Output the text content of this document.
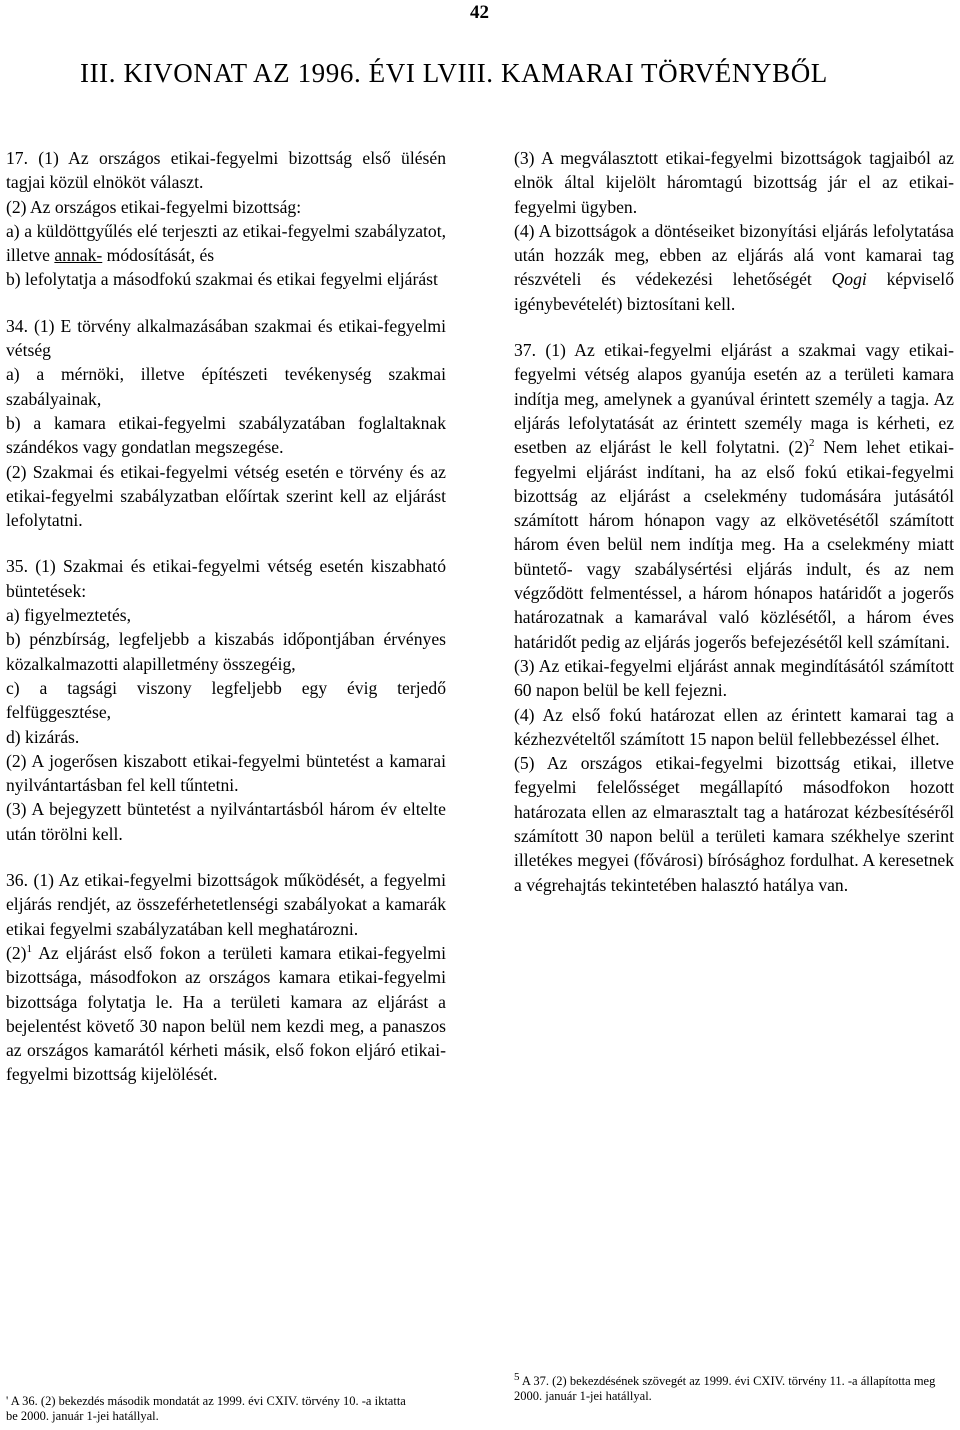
42
III. KIVONAT AZ 1996. ÉVI LVIII. KAMARAI TÖRVÉNYBŐL

17. (1) Az országos etikai-fegyelmi bizottság első ülésén tagjai közül elnököt választ.

(2) Az országos etikai-fegyelmi bizottság:

a) a küldöttgyűlés elé terjeszti az etikai-fegyelmi szabályzatot, illetve annak- módosítását, és

b) lefolytatja a másodfokú szakmai és etikai fegyelmi eljárást

34. (1) E törvény alkalmazásában szakmai és etikai-fegyelmi vétség

a) a mérnöki, illetve építészeti tevékenység szakmai szabályainak,

b) a kamara etikai-fegyelmi szabályzatában foglaltaknak szándékos vagy gondatlan megszegése.

(2) Szakmai és etikai-fegyelmi vétség esetén e törvény és az etikai-fegyelmi szabályzatban előírtak szerint kell az eljárást lefolytatni.

35. (1) Szakmai és etikai-fegyelmi vétség esetén kiszabható büntetések:

a) figyelmeztetés,

b) pénzbírság, legfeljebb a kiszabás időpontjában érvényes közalkalmazotti alapilletmény összegéig,

c) a tagsági viszony legfeljebb egy évig terjedő felfüggesztése,

d) kizárás.

(2) A jogerősen kiszabott etikai-fegyelmi büntetést a kamarai nyilvántartásban fel kell tűntetni.

(3) A bejegyzett büntetést a nyilvántartásból három év eltelte után törölni kell.

36. (1) Az etikai-fegyelmi bizottságok működését, a fegyelmi eljárás rendjét, az összeférhetetlenségi szabályokat a kamarák etikai fegyelmi szabályzatában kell meghatározni.

$(2)^1$ Az eljárást első fokon a területi kamara etikai-fegyelmi bizottsága, másodfokon az országos kamara etikai-fegyelmi bizottsága folytatja le. Ha a területi kamara az eljárást a bejelentést követő 30 napon belül nem kezdi meg, a panaszos az országos kamarától kérheti másik, első fokon eljáró etikai-fegyelmi bizottság kijelölését.

(3) A megválasztott etikai-fegyelmi bizottságok tagjaiból az elnök által kijelölt háromtagú bizottság jár el az etikai-fegyelmi ügyben.

(4) A bizottságok a döntéseiket bizonyítási eljárás lefolytatása után hozzák meg, ebben az eljárás alá vont kamarai tag részvételi és védekezési lehetőségét Qogi képviselő igénybevételét) biztosítani kell.

37. (1) Az etikai-fegyelmi eljárást a szakmai vagy etikai-fegyelmi vétség alapos gyanúja esetén az a területi kamara indítja meg, amelynek a gyanúval érintett személy a tagja. Az eljárás lefolytatását az érintett személy maga is kérheti, ez esetben az eljárást le kell folytatni. $(2)^2$ Nem lehet etikai-fegyelmi eljárást indítani, ha az első fokú etikai-fegyelmi bizottság az eljárást a cselekmény tudomására jutásától számított három hónapon vagy az elkövetésétől számított három éven belül nem indítja meg. Ha a cselekmény miatt büntető- vagy szabálysértési eljárás indult, és az nem végződött felmentéssel, a három hónapos határidőt a jogerős határozatnak a kamarával való közlésétől, a három éves határidőt pedig az eljárás jogerős befejezésétől kell számítani.

(3) Az etikai-fegyelmi eljárást annak megindításától számított 60 napon belül be kell fejezni.

(4) Az első fokú határozat ellen az érintett kamarai tag a kézhezvételtől számított 15 napon belül fellebbezéssel élhet.

(5) Az országos etikai-fegyelmi bizottság etikai, illetve fegyelmi felelősséget megállapító másodfokon hozott határozata ellen az elmarasztalt tag a határozat kézbesítéséről számított 30 napon belül a területi kamara székhelye szerint illetékes megyei (fővárosi) bírósághoz fordulhat. A keresetnek a végrehajtás tekintetében halasztó hatálya van.

' A 36. (2) bekezdés második mondatát az 1999. évi CXIV. törvény 10. -a iktatta be 2000. január 1-jei hatállyal.
$^5$ A 37. (2) bekezdésének szövegét az 1999. évi CXIV. törvény 11. -a állapította meg 2000. január 1-jei hatállyal.
